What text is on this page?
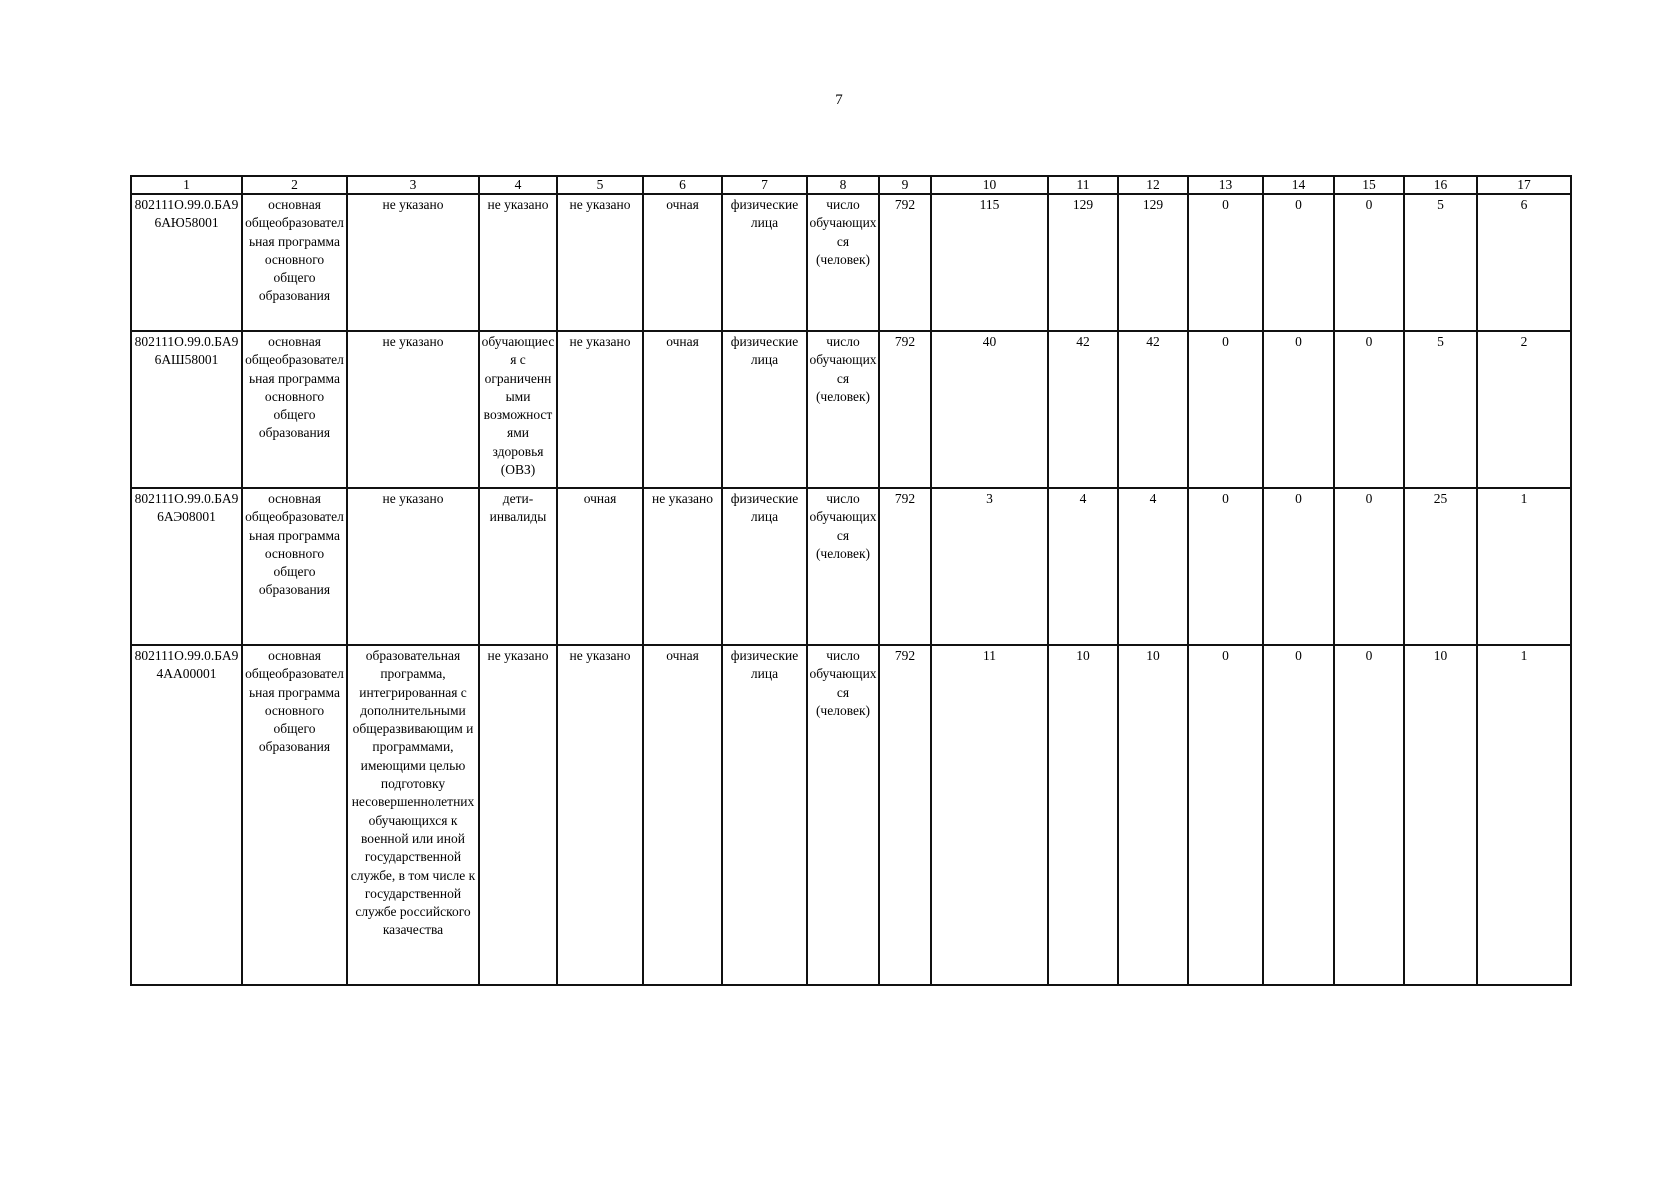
7
1	2	3	4	5	6	7	8	9	10	11	12	13	14	15	16	17
802111О.99.0.БА96АЮ58001	основная общеобразовательная программа основного общего образования	не указано	не указано	не указано	очная	физические лица	число обучающихся (человек)	792	115	129	129	0	0	0	5	6
802111О.99.0.БА96АШ58001	основная общеобразовательная программа основного общего образования	не указано	обучающиеся с ограниченными возможностями здоровья (ОВЗ)	не указано	очная	физические лица	число обучающихся (человек)	792	40	42	42	0	0	0	5	2
802111О.99.0.БА96АЭ08001	основная общеобразовательная программа основного общего образования	не указано	дети-инвалиды	очная	не указано	физические лица	число обучающихся (человек)	792	3	4	4	0	0	0	25	1
802111О.99.0.БА94АА00001	основная общеобразовательная программа основного общего образования	образовательная программа, интегрированная с дополнительными общеразвивающим и программами, имеющими целью подготовку несовершеннолетних обучающихся к военной или иной государственной службе, в том числе к государственной службе российского казачества	не указано	не указано	очная	физические лица	число обучающихся (человек)	792	11	10	10	0	0	0	10	1
